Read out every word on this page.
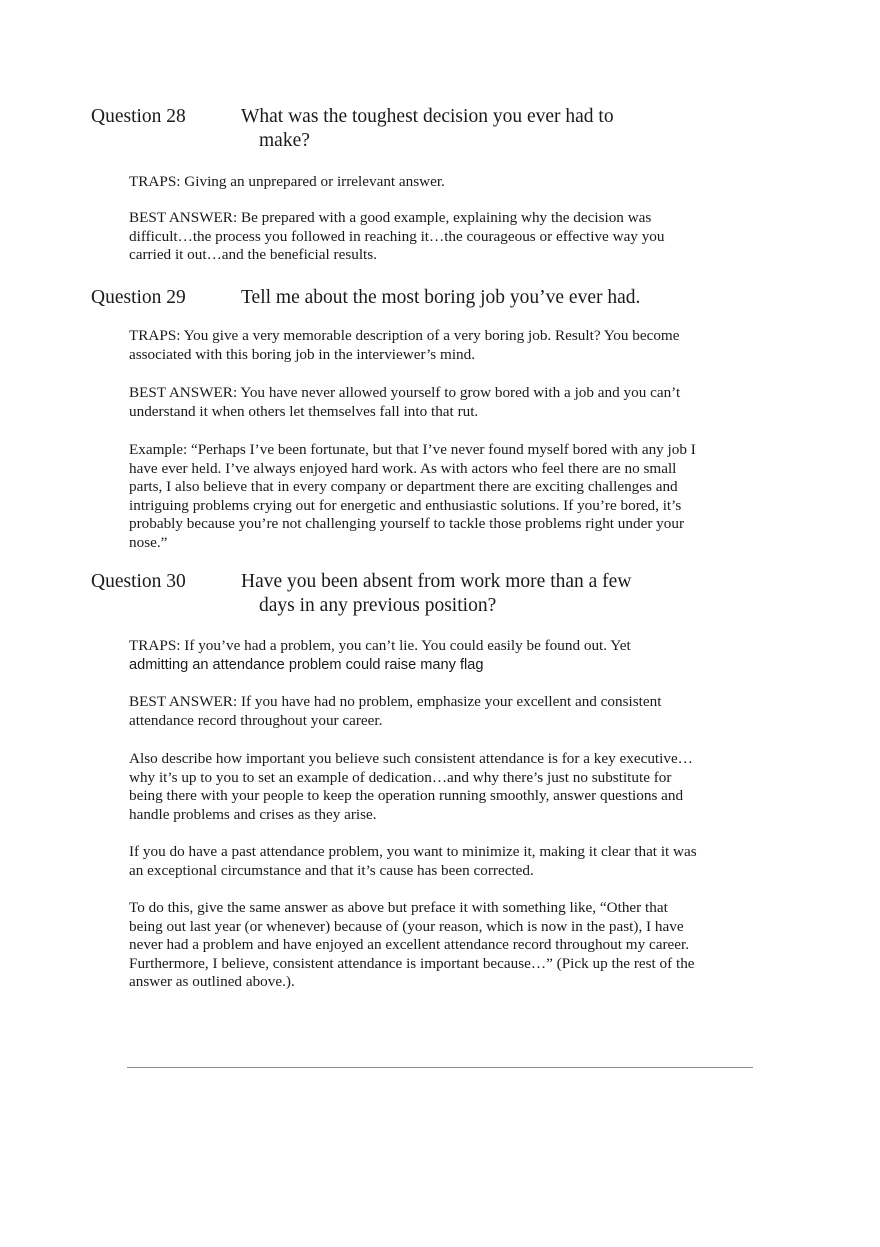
Question 28	What was the toughest decision you ever had to
make?

TRAPS: Giving an unprepared or irrelevant answer.

BEST ANSWER: Be prepared with a good example, explaining why the decision was difficult…the process you followed in reaching it…the courageous or effective way you carried it out…and the beneficial results.

Question 29	Tell me about the most boring job you’ve ever had.

TRAPS: You give a very memorable description of a very boring job. Result? You become associated with this boring job in the interviewer’s mind.

BEST ANSWER: You have never allowed yourself to grow bored with a job and you can’t understand it when others let themselves fall into that rut.

Example: “Perhaps I’ve been fortunate, but that I’ve never found myself bored with any job I have ever held. I’ve always enjoyed hard work. As with actors who feel there are no small parts, I also believe that in every company or department there are exciting challenges and intriguing problems crying out for energetic and enthusiastic solutions. If you’re bored, it’s probably because you’re not challenging yourself to tackle those problems right under your nose.”

Question 30	Have you been absent from work more than a few
days in any previous position?

TRAPS: If you’ve had a problem, you can’t lie. You could easily be found out. Yet
admitting an attendance problem could raise many flag

BEST ANSWER: If you have had no problem, emphasize your excellent and consistent attendance record throughout your career.

Also describe how important you believe such consistent attendance is for a key executive…why it’s up to you to set an example of dedication…and why there’s just no substitute for being there with your people to keep the operation running smoothly, answer questions and handle problems and crises as they arise.

If you do have a past attendance problem, you want to minimize it, making it clear that it was an exceptional circumstance and that it’s cause has been corrected.

To do this, give the same answer as above but preface it with something like, “Other that being out last year (or whenever) because of (your reason, which is now in the past), I have never had a problem and have enjoyed an excellent attendance record throughout my career. Furthermore, I believe, consistent attendance is important because…” (Pick up the rest of the answer as outlined above.).
